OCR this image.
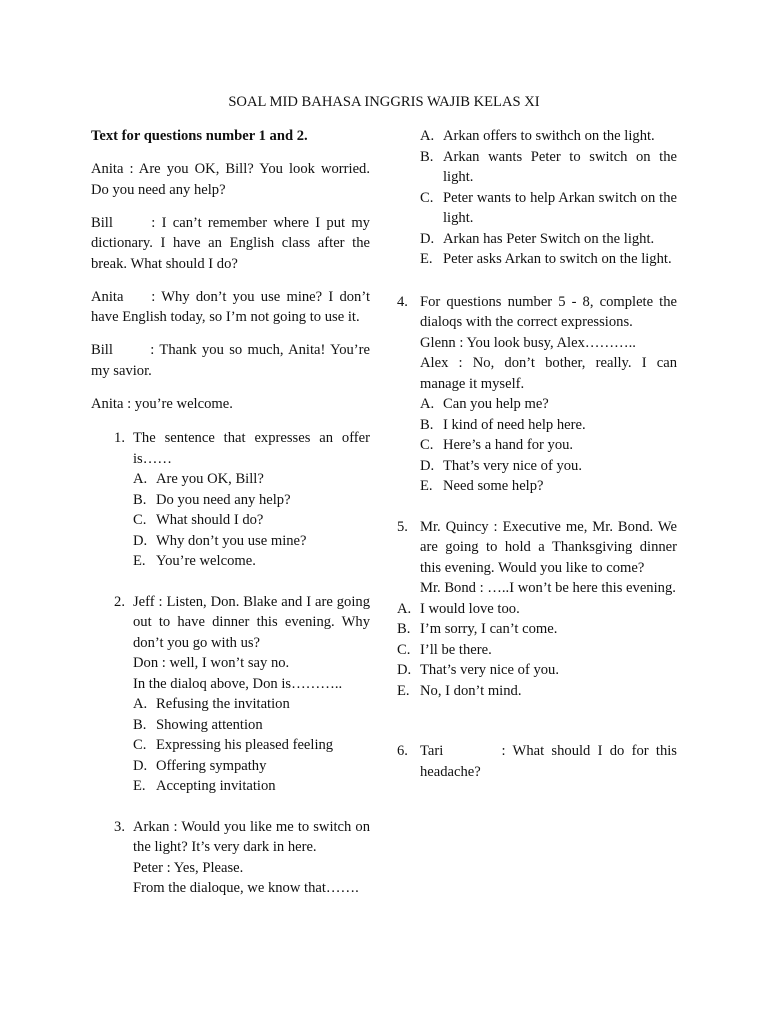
SOAL MID BAHASA INGGRIS WAJIB KELAS XI

Text for questions number 1 and 2.

Anita : Are you OK, Bill? You look worried. Do you need any help?

Bill : I can’t remember where I put my dictionary. I have an English class after the break. What should I do?

Anita : Why don’t you use mine? I don’t have English today, so I’m not going to use it.

Bill : Thank you so much, Anita! You’re my savior.

Anita : you’re welcome.

1. The sentence that expresses an offer is……
A. Are you OK, Bill?
B. Do you need any help?
C. What should I do?
D. Why don’t you use mine?
E. You’re welcome.
2. Jeff : Listen, Don. Blake and I are going out to have dinner this evening. Why don’t you go with us?
Don : well, I won’t say no.
In the dialoq above, Don is………..
A. Refusing the invitation
B. Showing attention
C. Expressing his pleased feeling
D. Offering sympathy
E. Accepting invitation
3. Arkan : Would you like me to switch on the light? It’s very dark in here.
Peter : Yes, Please.
From the dialoque, we know that…….
A. Arkan offers to swithch on the light.
B. Arkan wants Peter to switch on the light.
C. Peter wants to help Arkan switch on the light.
D. Arkan has Peter Switch on the light.
E. Peter asks Arkan to switch on the light.
4. For questions number 5 - 8, complete the dialoqs with the correct expressions.
Glenn : You look busy, Alex………..
Alex : No, don’t bother, really. I can manage it myself.
A. Can you help me?
B. I kind of need help here.
C. Here’s a hand for you.
D. That’s very nice of you.
E. Need some help?
5. Mr. Quincy : Executive me, Mr. Bond. We are going to hold a Thanksgiving dinner this evening. Would you like to come?
Mr. Bond : …..I won’t be here this evening.
A. I would love too.
B. I’m sorry, I can’t come.
C. I’ll be there.
D. That’s very nice of you.
E. No, I don’t mind.
6. Tari        : What should I do for this headache?
